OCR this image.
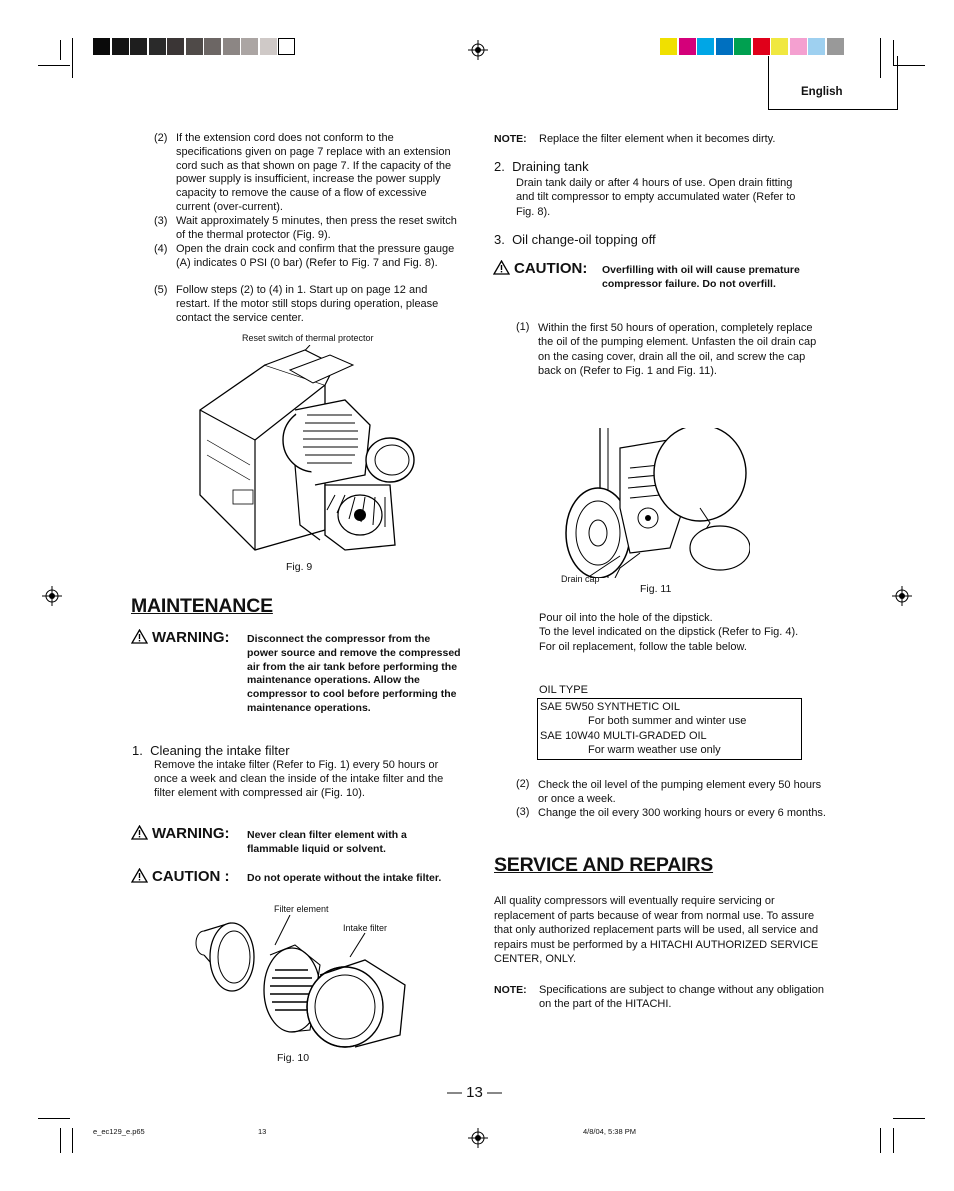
English
(2) If the extension cord does not conform to the specifications given on page 7 replace with an extension cord such as that shown on page 7. If the capacity of the power supply is insufficient, increase the power supply capacity to remove the cause of a flow of excessive current (over-current).
(3) Wait approximately 5 minutes, then press the reset switch of the thermal protector (Fig. 9).
(4) Open the drain cock and confirm that the pressure gauge (A) indicates 0 PSI (0 bar) (Refer to Fig. 7 and Fig. 8).
(5) Follow steps (2) to (4) in 1. Start up on page 12 and restart. If the motor still stops during operation, please contact the service center.
Reset switch of thermal protector
Fig. 9
MAINTENANCE
WARNING: Disconnect the compressor from the power source and remove the compressed air from the air tank before performing the maintenance operations. Allow the compressor to cool before performing the maintenance operations.
1.  Cleaning the intake filter
Remove the intake filter (Refer to Fig. 1) every 50 hours or once a week and clean the inside of the intake filter and the filter element with compressed air (Fig. 10).
WARNING: Never clean filter element with a flammable liquid or solvent.
CAUTION : Do not operate without the intake filter.
Filter element
Intake filter
Fig. 10
NOTE: Replace the filter element when it becomes dirty.
2.  Draining tank
Drain tank daily or after 4 hours of use. Open drain fitting and tilt compressor to empty accumulated water (Refer to Fig. 8).
3.  Oil change-oil topping off
CAUTION: Overfilling with oil will cause premature compressor failure. Do not overfill.
(1) Within the first 50 hours of operation, completely replace the oil of the pumping element. Unfasten the oil drain cap on the casing cover, drain all the oil, and screw the cap back on (Refer to Fig. 1 and Fig. 11).
Drain cap
Fig. 11
Pour oil into the hole of the dipstick.
To the level indicated on the dipstick (Refer to Fig. 4).
For oil replacement, follow the table below.
OIL TYPE
SAE 5W50 SYNTHETIC OIL
For both summer and winter use
SAE 10W40 MULTI-GRADED OIL
For warm weather use only
(2) Check the oil level of the pumping element every 50 hours or once a week.
(3) Change the oil every 300 working hours or every 6 months.
SERVICE AND REPAIRS
All quality compressors will eventually require servicing or replacement of parts because of wear from normal use. To assure that only authorized replacement parts will be used, all service and repairs must be performed by a HITACHI AUTHORIZED SERVICE CENTER, ONLY.
NOTE: Specifications are subject to change without any obligation on the part of the HITACHI.
— 13 —
e_ec129_e.p65	13	4/8/04, 5:38 PM
